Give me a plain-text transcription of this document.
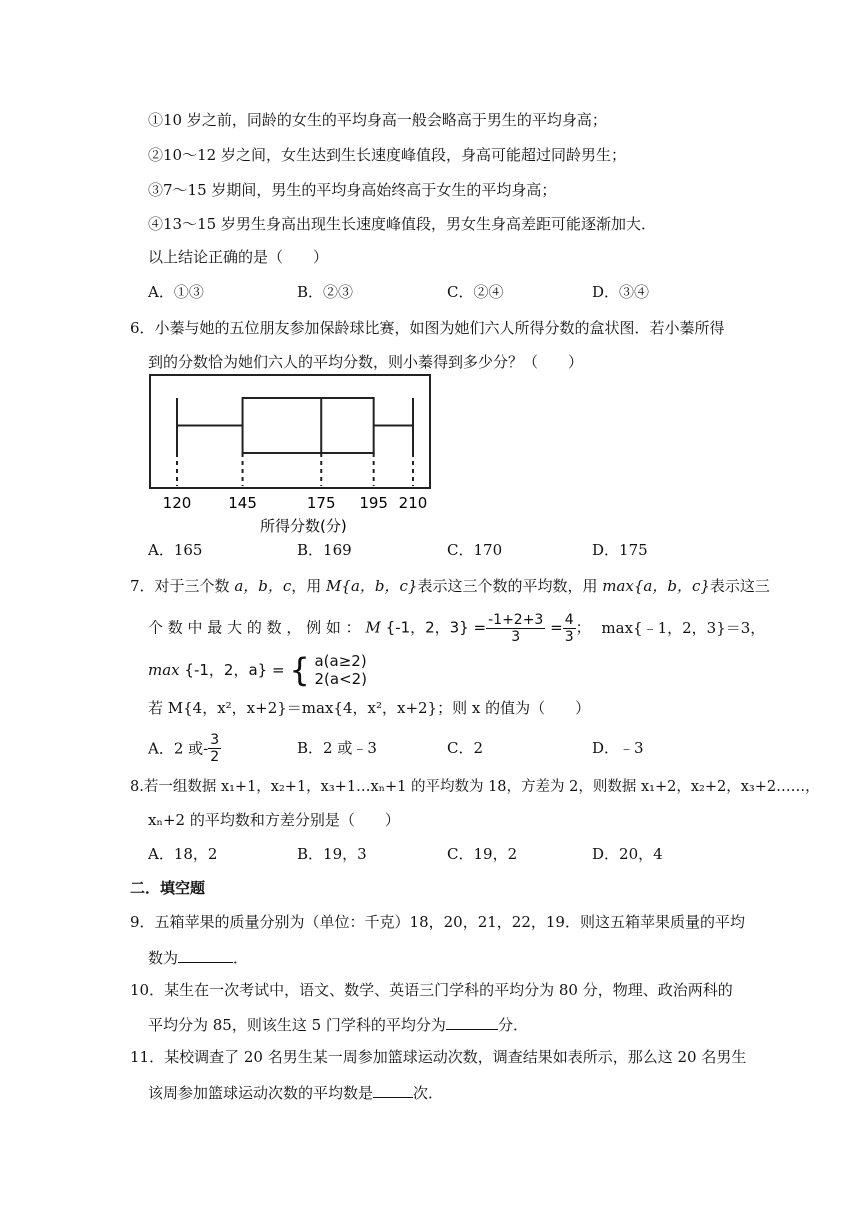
①10 岁之前，同龄的女生的平均身高一般会略高于男生的平均身高；
②10～12 岁之间，女生达到生长速度峰值段，身高可能超过同龄男生；
③7～15 岁期间，男生的平均身高始终高于女生的平均身高；
④13～15 岁男生身高出现生长速度峰值段，男女生身高差距可能逐渐加大．
以上结论正确的是（　　）
A．①③	B．②③	C．②④	D．③④
6．小蓁与她的五位朋友参加保龄球比赛，如图为她们六人所得分数的盒状图．若小蓁所得
到的分数恰为她们六人的平均分数，则小蓁得到多少分？（　　）
120 145	175 195 210
所得分数(分)
A．165	B．169	C．170	D．175
7．对于三个数 a，b，c，用 M{a，b，c}表示这三个数的平均数，用 max{a，b，c}表示这三
个 数 中 最 大 的 数 ， 例 如 ： M {-1，2，$3\} = \frac{-1+2+3}{3} = \frac{4}{3}$ ； max{﹣1，2，3}＝3，
max {-1，2，a} = { a(a≥2)
2(a<2)
若 M{4，x²，x+2}＝max{4，x²，x+2}；则 x 的值为（　　）
A．2 或- $\frac{3}{2}$	B．2 或﹣3	C．2	D．﹣3
8.若一组数据 x₁+1，x₂+1，x₃+1…xₙ+1 的平均数为 18，方差为 2，则数据 x₁+2，x₂+2，x₃+2……，
xₙ+2 的平均数和方差分别是（　　）
A．18，2	B．19，3	C．19，2	D．20，4
二．填空题
9．五箱苹果的质量分别为（单位：千克）18，20，21，22，19．则这五箱苹果质量的平均
数为	．
10．某生在一次考试中，语文、数学、英语三门学科的平均分为 80 分，物理、政治两科的
平均分为 85，则该生这 5 门学科的平均分为	分．
11．某校调查了 20 名男生某一周参加篮球运动次数，调查结果如表所示，那么这 20 名男生
该周参加篮球运动次数的平均数是	次．
